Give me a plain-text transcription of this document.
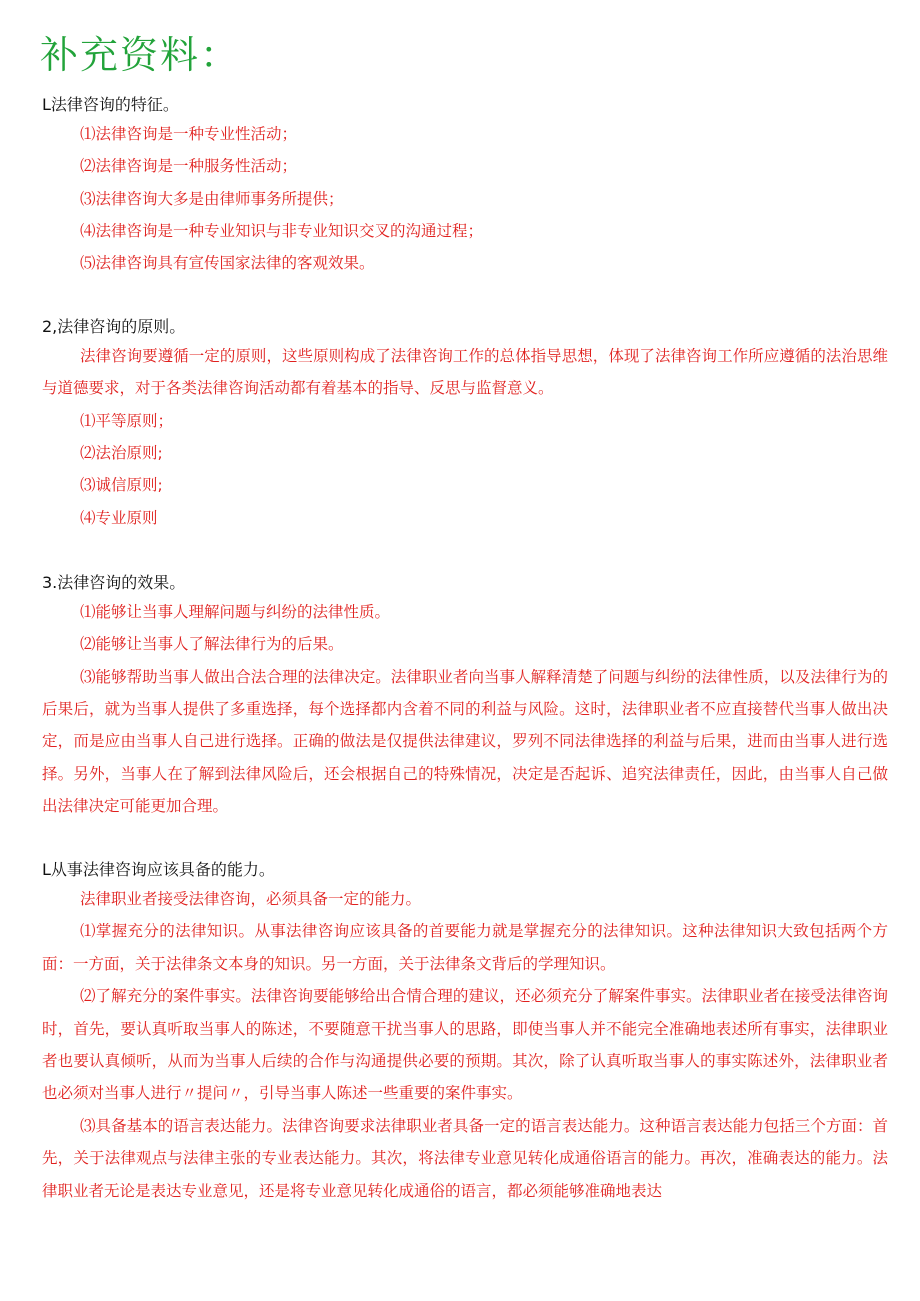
补充资料：
L法律咨询的特征。
⑴法律咨询是一种专业性活动；
⑵法律咨询是一种服务性活动；
⑶法律咨询大多是由律师事务所提供；
⑷法律咨询是一种专业知识与非专业知识交叉的沟通过程；
⑸法律咨询具有宣传国家法律的客观效果。
2,法律咨询的原则。

法律咨询要遵循一定的原则，这些原则构成了法律咨询工作的总体指导思想，体现了法律咨询工作所应遵循的法治思维与道德要求，对于各类法律咨询活动都有着基本的指导、反思与监督意义。

⑴平等原则；
⑵法治原则;
⑶诚信原则;
⑷专业原则
3.法律咨询的效果。
⑴能够让当事人理解问题与纠纷的法律性质。
⑵能够让当事人了解法律行为的后果。

⑶能够帮助当事人做出合法合理的法律决定。法律职业者向当事人解释清楚了问题与纠纷的法律性质，以及法律行为的后果后，就为当事人提供了多重选择，每个选择都内含着不同的利益与风险。这时，法律职业者不应直接替代当事人做出决定，而是应由当事人自己进行选择。正确的做法是仅提供法律建议，罗列不同法律选择的利益与后果，进而由当事人进行选择。另外，当事人在了解到法律风险后，还会根据自己的特殊情况，决定是否起诉、追究法律责任，因此，由当事人自己做出法律决定可能更加合理。

L从事法律咨询应该具备的能力。

法律职业者接受法律咨询，必须具备一定的能力。

⑴掌握充分的法律知识。从事法律咨询应该具备的首要能力就是掌握充分的法律知识。这种法律知识大致包括两个方面：一方面，关于法律条文本身的知识。另一方面，关于法律条文背后的学理知识。

⑵了解充分的案件事实。法律咨询要能够给出合情合理的建议，还必须充分了解案件事实。法律职业者在接受法律咨询时，首先，要认真听取当事人的陈述，不要随意干扰当事人的思路，即使当事人并不能完全准确地表述所有事实，法律职业者也要认真倾听，从而为当事人后续的合作与沟通提供必要的预期。其次，除了认真听取当事人的事实陈述外，法律职业者也必须对当事人进行〃提问〃，引导当事人陈述一些重要的案件事实。

⑶具备基本的语言表达能力。法律咨询要求法律职业者具备一定的语言表达能力。这种语言表达能力包括三个方面：首先，关于法律观点与法律主张的专业表达能力。其次，将法律专业意见转化成通俗语言的能力。再次，准确表达的能力。法律职业者无论是表达专业意见，还是将专业意见转化成通俗的语言，都必须能够准确地表达
